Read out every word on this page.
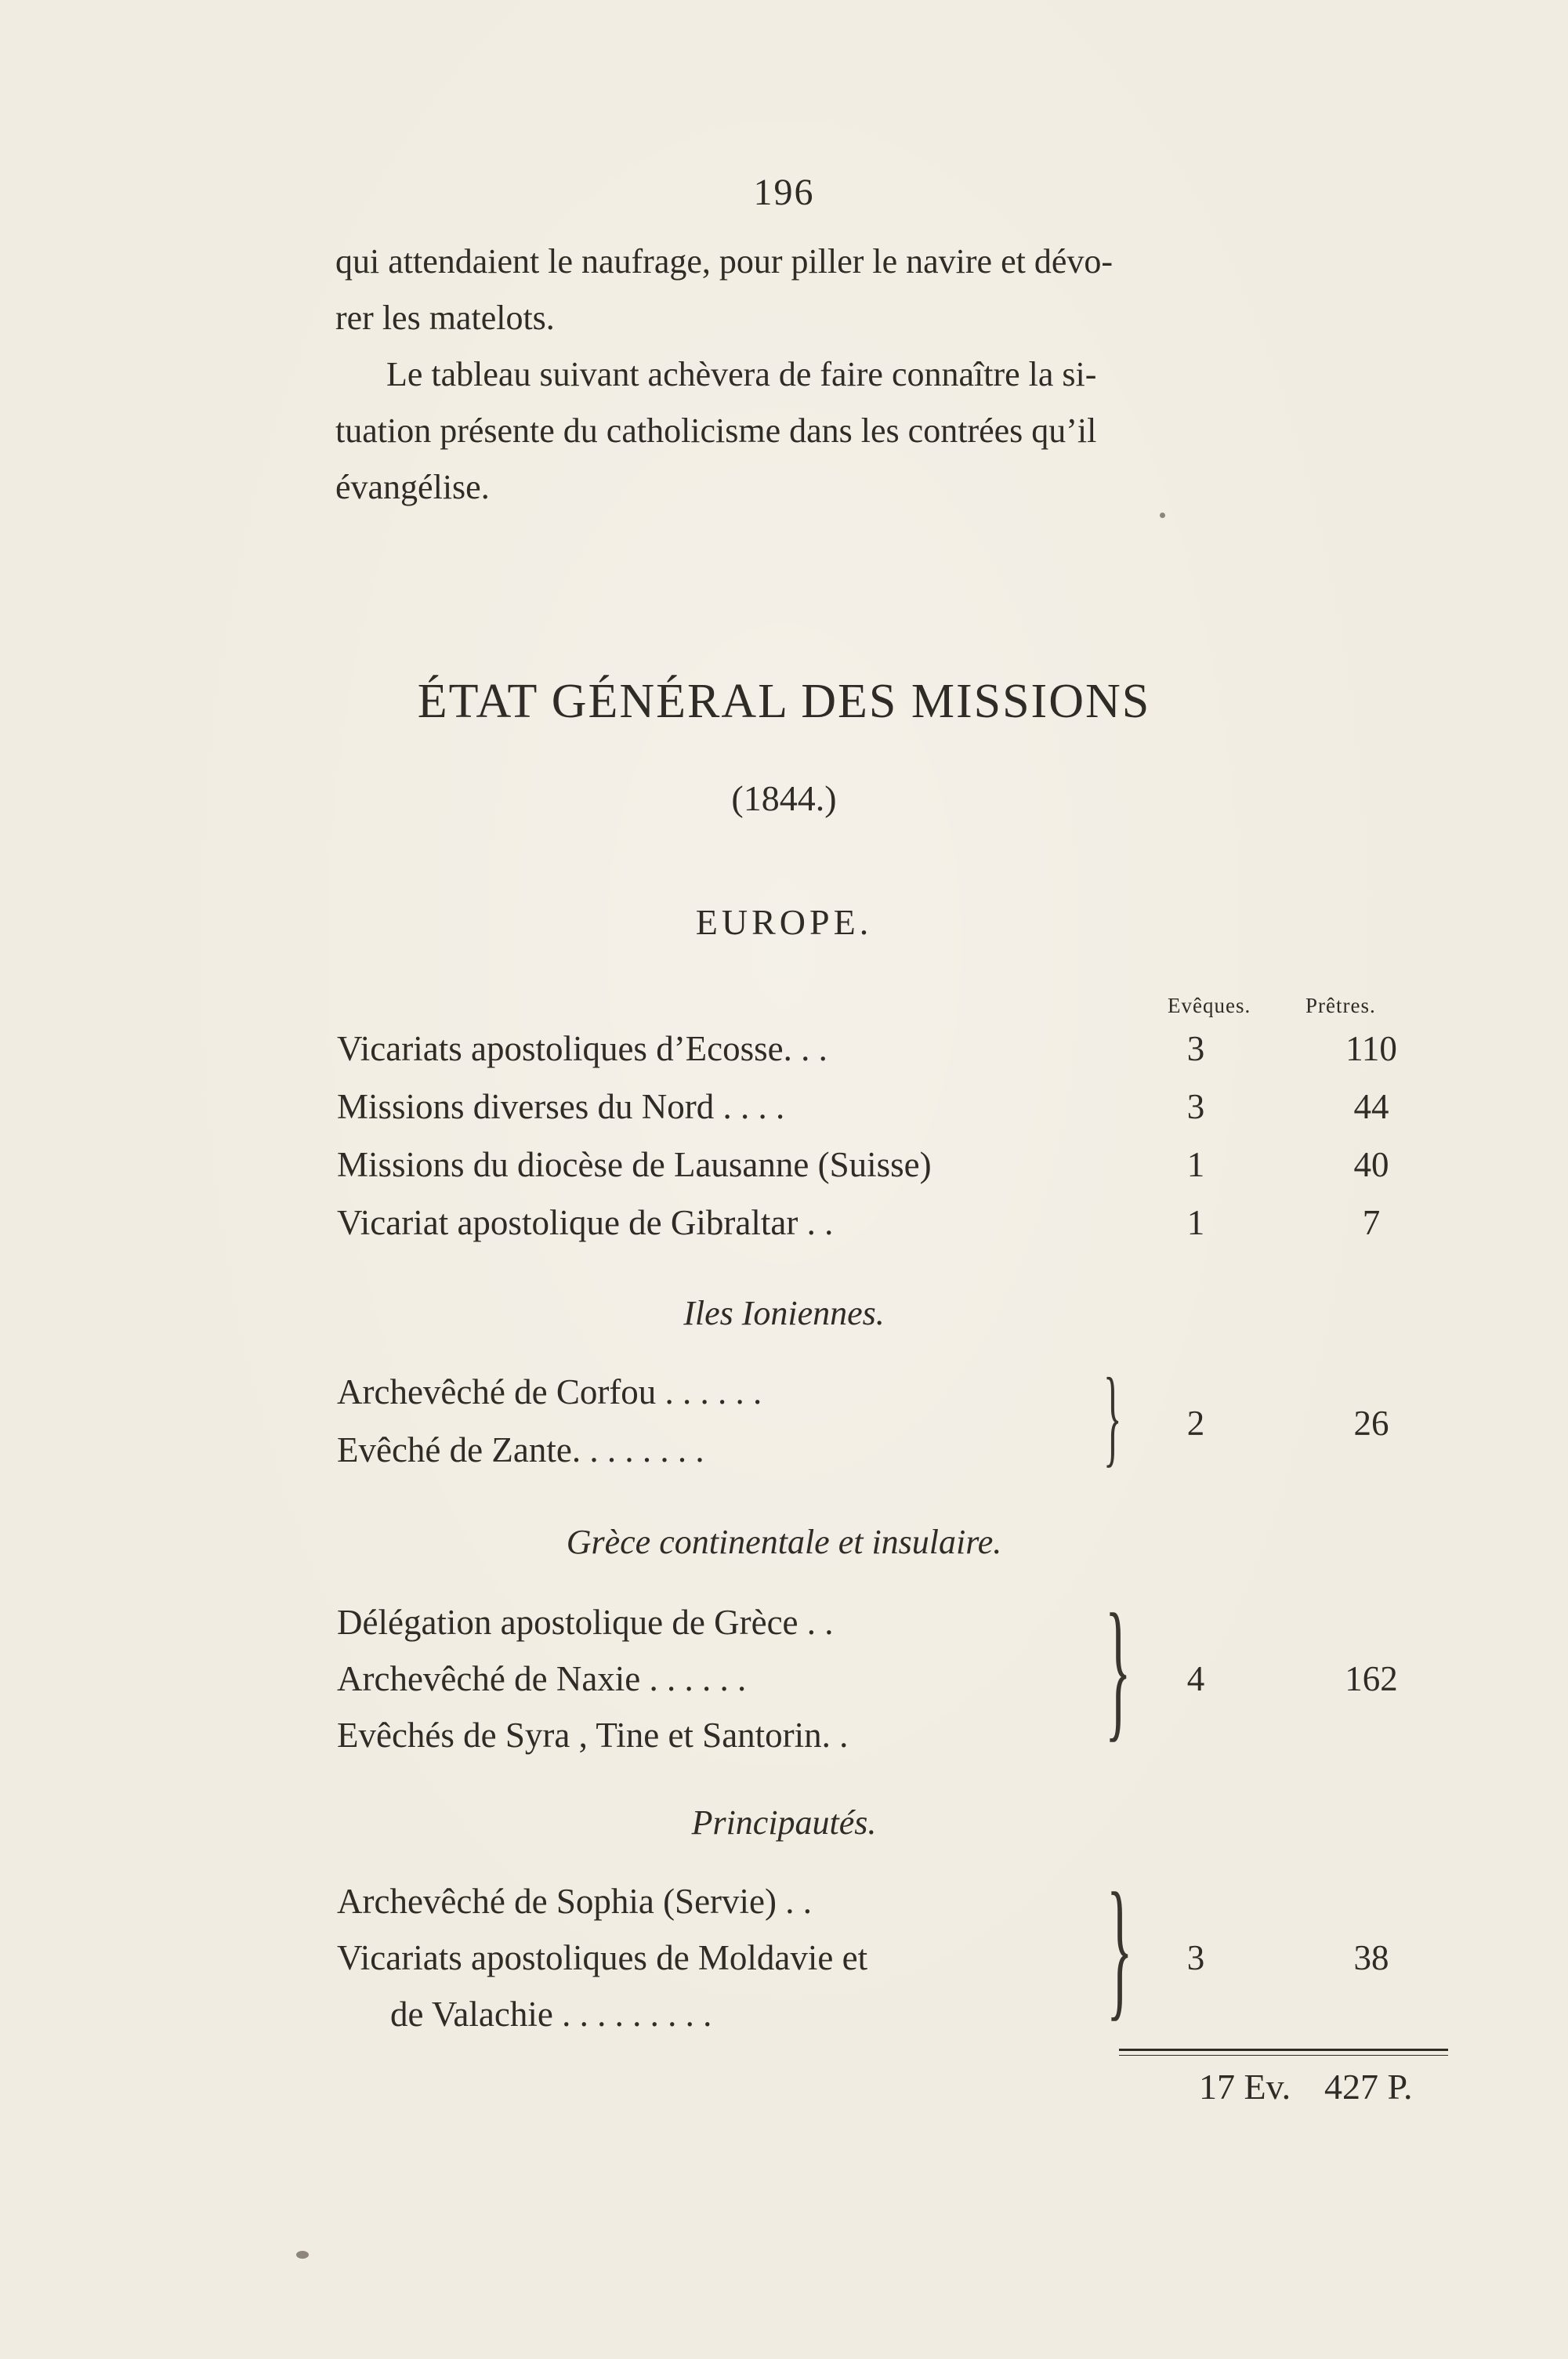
196
qui attendaient le naufrage, pour piller le navire et dévo-
rer les matelots.
Le tableau suivant achèvera de faire connaître la si-
tuation présente du catholicisme dans les contrées qu’il
évangélise.
ÉTAT GÉNÉRAL DES MISSIONS
(1844.)
EUROPE.
Evêques.	Prêtres.
Vicariats apostoliques d’Ecosse. . .	3	110
Missions diverses du Nord . . . .	3	44
Missions du diocèse de Lausanne (Suisse)	1	40
Vicariat apostolique de Gibraltar . .	1	7
Iles Ioniennes.
Archevêché de Corfou . . . . . .
Evêché de Zante. . . . . . . .	}	2	26
Grèce continentale et insulaire.
Délégation apostolique de Grèce . .
Archevêché de Naxie . . . . . .
Evêchés de Syra , Tine et Santorin. . }	4	162
Principautés.
Archevêché de Sophia (Servie) . .
Vicariats apostoliques de Moldavie et
de Valachie . . . . . . . . .	}	3	38
17 Ev. 427 P.
